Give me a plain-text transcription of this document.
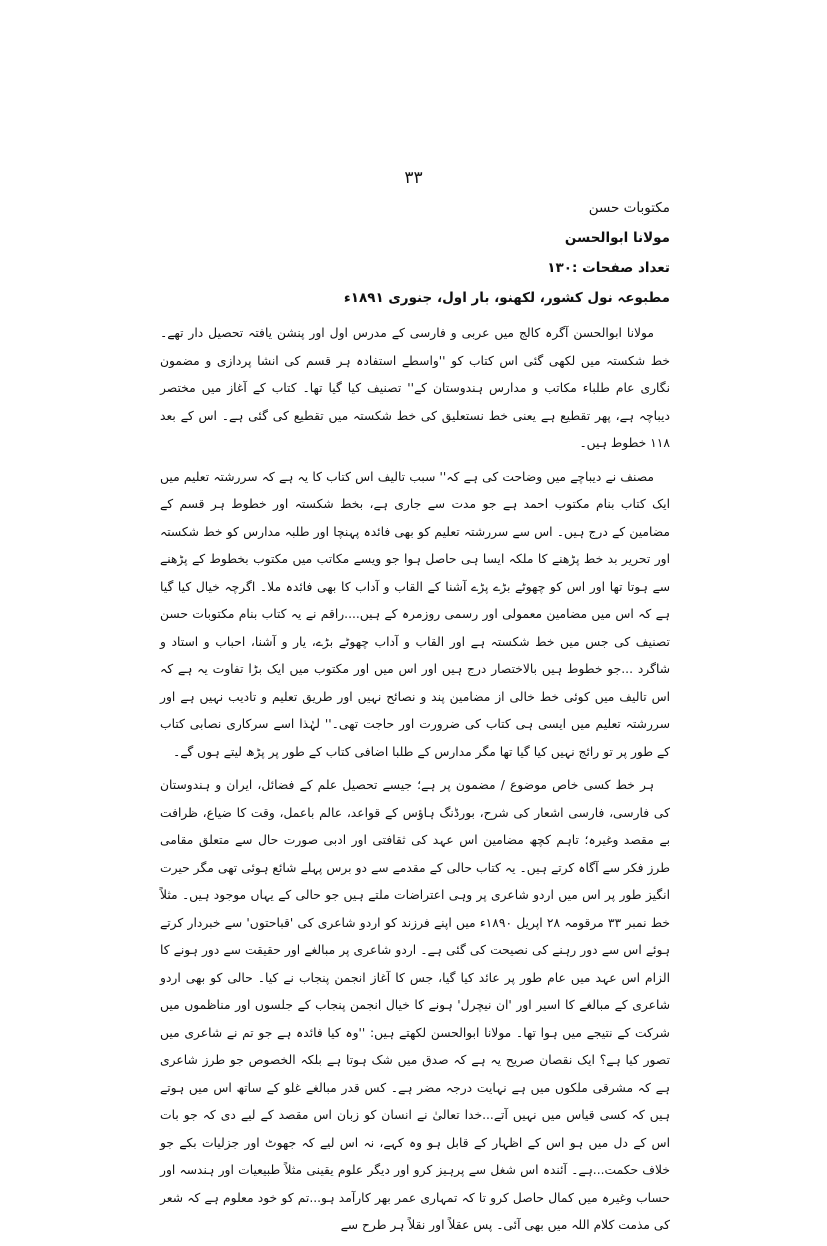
۳۳

مکتوبات حسن

مولانا ابوالحسن

تعداد صفحات :۱۳۰

مطبوعہ نول کشور، لکھنو، بار اول، جنوری ۱۸۹۱ء

مولانا ابوالحسن آگرہ کالج میں عربی و فارسی کے مدرس اول اور پنشن یافتہ تحصیل دار تھے۔ خط شکستہ میں لکھی گئی اس کتاب کو ''واسطے استفادہ ہر قسم کی انشا پردازی و مضمون نگاری عام طلباء مکاتب و مدارس ہندوستان کے'' تصنیف کیا گیا تھا۔ کتاب کے آغاز میں مختصر دیباچہ ہے، پھر تقطیع ہے یعنی خط نستعلیق کی خط شکستہ میں تقطیع کی گئی ہے۔ اس کے بعد ۱۱۸ خطوط ہیں۔

مصنف نے دیباچے میں وضاحت کی ہے کہ'' سبب تالیف اس کتاب کا یہ ہے کہ سررشتہ تعلیم میں ایک کتاب بنام مکتوب احمد ہے جو مدت سے جاری ہے، بخط شکستہ اور خطوط ہر قسم کے مضامین کے درج ہیں۔ اس سے سررشتہ تعلیم کو بھی فائدہ پہنچا اور طلبہ مدارس کو خط شکستہ اور تحریر بد خط پڑھنے کا ملکہ ایسا ہی حاصل ہوا جو ویسے مکاتب میں مکتوب بخطوط کے پڑھنے سے ہوتا تھا اور اس کو چھوٹے بڑے پڑے آشنا کے القاب و آداب کا بھی فائدہ ملا۔ اگرچہ خیال کیا گیا ہے کہ اس میں مضامین معمولی اور رسمی روزمرہ کے ہیں....راقم نے یہ کتاب بنام مکتوبات حسن تصنیف کی جس میں خط شکستہ ہے اور القاب و آداب چھوٹے بڑے، یار و آشنا، احباب و استاد و شاگرد ...جو خطوط ہیں بالاختصار درج ہیں اور اس میں اور مکتوب میں ایک بڑا تفاوت یہ ہے کہ اس تالیف میں کوئی خط خالی از مضامین پند و نصائح نہیں اور طریق تعلیم و تادیب نہیں ہے اور سررشتہ تعلیم میں ایسی ہی کتاب کی ضرورت اور حاجت تھی۔'' لہٰذا اسے سرکاری نصابی کتاب کے طور پر تو رائج نہیں کیا گیا تھا مگر مدارس کے طلبا اضافی کتاب کے طور پر پڑھ لیتے ہوں گے۔

ہر خط کسی خاص موضوع / مضمون پر ہے؛ جیسے تحصیل علم کے فضائل، ایران و ہندوستان کی فارسی، فارسی اشعار کی شرح، بورڈنگ ہاؤس کے قواعد، عالم باعمل، وقت کا ضیاع، ظرافت بے مقصد وغیرہ؛ تاہم کچھ مضامین اس عہد کی ثقافتی اور ادبی صورت حال سے متعلق مقامی طرز فکر سے آگاہ کرتے ہیں۔ یہ کتاب حالی کے مقدمے سے دو برس پہلے شائع ہوئی تھی مگر حیرت انگیز طور پر اس میں اردو شاعری پر وہی اعتراضات ملتے ہیں جو حالی کے یہاں موجود ہیں۔ مثلاً خط نمبر ۳۳ مرقومہ ۲۸ اپریل ۱۸۹۰ء میں اپنے فرزند کو اردو شاعری کی 'قباحتوں' سے خبردار کرتے ہوئے اس سے دور رہنے کی نصیحت کی گئی ہے۔ اردو شاعری پر مبالغے اور حقیقت سے دور ہونے کا الزام اس عہد میں عام طور پر عائد کیا گیا، جس کا آغاز انجمن پنجاب نے کیا۔ حالی کو بھی اردو شاعری کے مبالغے کا اسیر اور 'ان نیچرل' ہونے کا خیال انجمن پنجاب کے جلسوں اور مناظموں میں شرکت کے نتیجے میں ہوا تھا۔ مولانا ابوالحسن لکھتے ہیں: ''وہ کیا فائدہ ہے جو تم نے شاعری میں تصور کیا ہے؟ ایک نقصان صریح یہ ہے کہ صدق میں شک ہوتا ہے بلکہ الخصوص جو طرز شاعری ہے کہ مشرقی ملکوں میں ہے نہایت درجہ مضر ہے۔ کس قدر مبالغے غلو کے ساتھ اس میں ہوتے ہیں کہ کسی قیاس میں نہیں آتے...خدا تعالیٰ نے انسان کو زبان اس مقصد کے لیے دی کہ جو بات اس کے دل میں ہو اس کے اظہار کے قابل ہو وہ کہے، نہ اس لیے کہ جھوٹ اور جزلیات بکے جو خلاف حکمت...ہے۔ آئندہ اس شغل سے پرہیز کرو اور دیگر علوم یقینی مثلاً طبیعیات اور ہندسہ اور حساب وغیرہ میں کمال حاصل کرو تا کہ تمہاری عمر بھر کارآمد ہو...تم کو خود معلوم ہے کہ شعر کی مذمت کلام اللہ میں بھی آئی۔ پس عقلاً اور نقلاً ہر طرح سے
